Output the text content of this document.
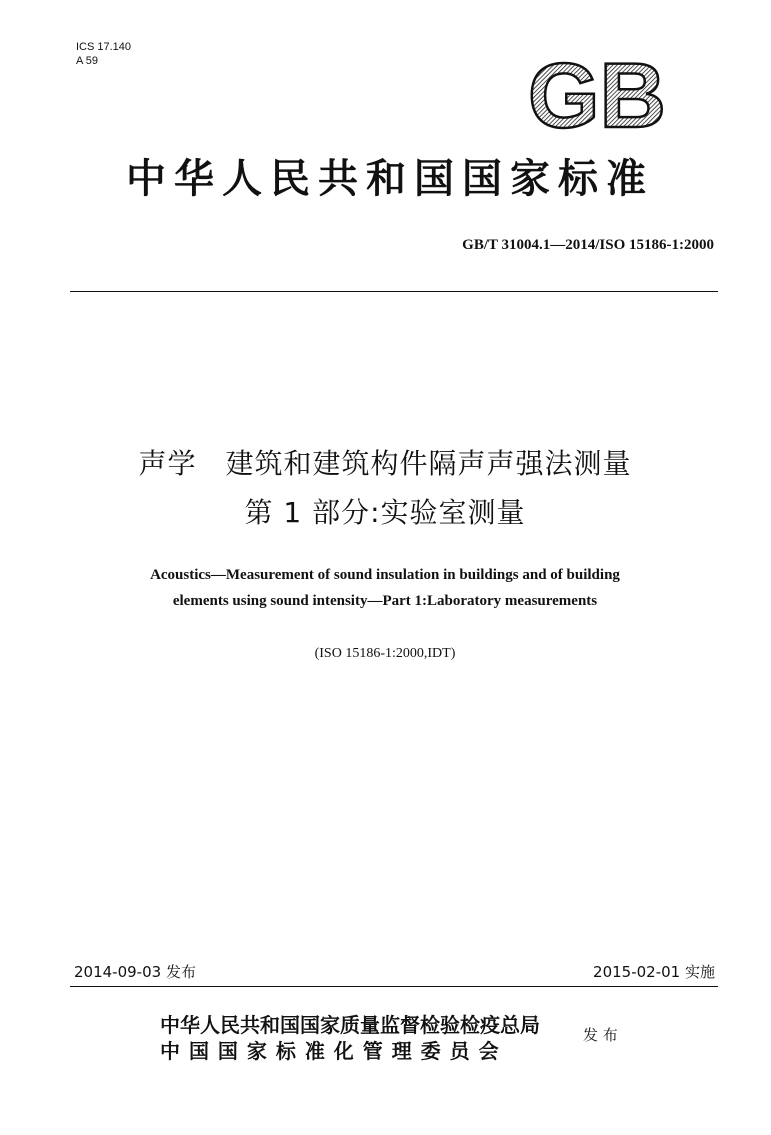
ICS 17.140
A 59	GB
中华人民共和国国家标准
GB/T 31004.1—2014/ISO 15186-1:2000
声学　建筑和建筑构件隔声声强法测量
第 1 部分:实验室测量
Acoustics—Measurement of sound insulation in buildings and of building
elements using sound intensity—Part 1:Laboratory measurements
(ISO 15186-1:2000,IDT)
2014-09-03 发布	2015-02-01 实施
中华人民共和国国家质量监督检验检疫总局
中 国 国 家 标 准 化 管 理 委 员 会
发 布
